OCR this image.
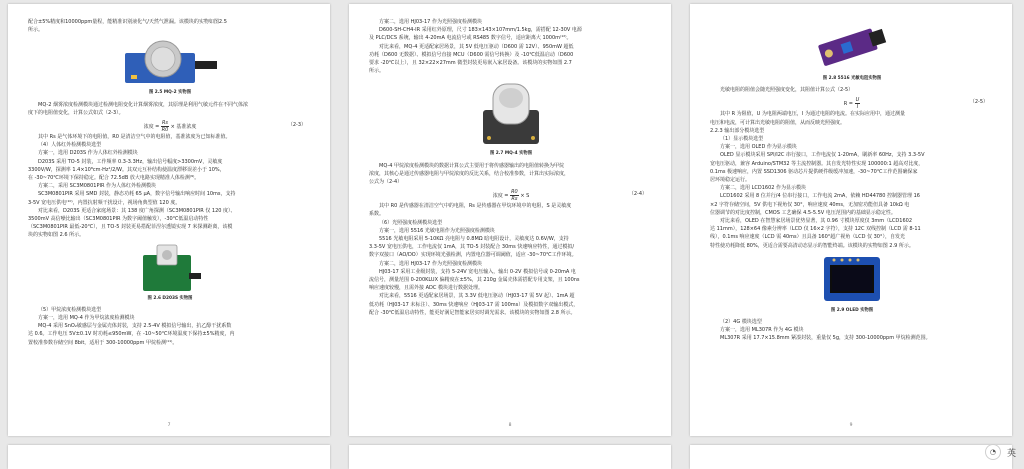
配合±5%精度和10000ppm量程，能精准识别液化气/天然气泄漏。该模块的实物如图2.5

所示。

图 2.5 MQ-2 实物图

MQ-2 烟雾浓度检测模块通过检测电阻变化计算烟雾浓度，其原理是利用气敏元件在不同气体浓

度下的电阻值变化，计算公式如式（2-3）。

浓度 = $\frac{Rs}{R0}$ × 基准浓度	（2-3）

其中 Rs 是气体环境下的电阻值，R0 是清洁空气中的电阻值，基准浓度为已知标准值。

（4）人体红外检测模块选型

方案一，选用 D203S 作为人体红外检测模块

D203S 采用 TO-5 封装，工作频率 0.3-3.3Hz，输出信号幅度>3300mV，灵敏度

3300V/W，探测率 1.4×10⁸cm·Hz¹/2/W。其双元互补结构使温度漂移误差小于 10%，

在 -30~70℃环境下保持稳定。配合 72.5dB 放大电路实现精准人体检测⁽⁹⁾。

方案二，采用 SC3M0801PIR 作为人体红外检测模块

SC3M0801PIR 采用 SMD 封装，静态功耗 65 μA，数字信号输出响应时间 10ms，支持

3-5V 宽电压供电⁽¹⁰⁾，内置抗射频干扰设计，视场角典型值 120 度。

对比来看，D203S 更适合家庭场景：其 138 度广角探测（SC3M0801PIR 仅 120 度）、

3500mV 高信噪比输出（SC3M0801PIR 为数字阈值触发），-30℃低温启动特性

（SC3M0801PIR 最低-20℃），且 TO-5 封装更易搭配菲涅尔透镜实现 7 米探测距离，该模

块的实物如图 2.6 所示。

图 2.6 D203S 实物图

（5）甲烷浓度检测模块选型

方案一，选用 MQ-4 作为甲烷浓度检测模块

MQ-4 采用 SnO₂敏感层与金属壳体封装，支持 2.5-4V 模拟信号输出，抗乙醇干扰系数

达 0.6。工作电压 5V±0.1V 时功耗≤950mW，在 -10~50℃环境温度下保持±5%精度，内

置校准参数存储空间 8bit，适用于 300-10000ppm 甲烷检测⁽¹¹⁾。

7

方案二，选用 HJ03-17 作为光照强度检测模块

D600-SH-CH4-IR 采用红外原理，尺寸 183×143×107mm/1.5kg，需搭配 12-30V 电源

及 PLC/DCS 系统，输出 4-20mA 电流信号或 RS485 数字信号，适应距离大 1000m⁽¹²⁾。

对比来看，MQ-4 更适配家居场景，其 5V 低电压驱动（D600 需 12V）、950mW 超低

功耗（D600 无数据）、模拟信号直接 MCU（D600 需信号转换）及 -10℃低温启动（D600

要求 -20℃以上），且 32×22×27mm 微型封装更易嵌入家居设备。该模块的实物如图 2.7

所示。

图 2.7 MQ-4 实物图

MQ-4 甲烷浓度检测模块的数据计算公式主要用于将传感器输出的电阻值转换为甲烷

浓度，其核心是通过传感器电阻与甲烷浓度的反比关系，结合校准参数，计算出实际浓度，

公式为（2-4）

浓度 = $\frac{R0}{Rs} \times S$	（2-4）

其中 R0 是传感器在清洁空气中的电阻，Rs 是传感器在甲烷环境中的电阻，S 是灵敏度

系数。

（6）光照强度检测模块选型

方案一，选用 5516 光敏电阻作为光照强度检测模块

5516 光敏电阻采用 5-10KΩ 亮电阻与 0.8MΩ 暗电阻设计，灵敏度达 0.6V/W，支持

3.3-5V 宽电压供电，工作电流仅 1mA，其 TO-5 封装配合 30ms 快速响应特性，通过模拟/

数字双接口（AO/DO）实现环境光强检测，内置电位器可调阈值，适应 -30~70℃工作环境。

方案二，选用 HJ03-17 作为光照强度检测模块

HJ03-17 采用工业级封装，支持 5-24V 宽电压输入，输出 0-2V 模拟信号或 0-20mA 电

流信号，测量范围 0-200KLUX 偏精度在±5%，其 210g 金属壳体需搭配专用支架，且 100ns

响应速度较慢，且需外接 ADC 模块进行数据处理。

对比来看，5516 更适配家居场景，其 3.3V 低电压驱动（HJ03-17 需 5V 起）、1mA 超

低功耗（HJ03-17 未标注）、30ms 快速响应（HJ03-17 需 100ms）及模拟数字双输出模式，

配合 -30℃低温启动特性，能更好满足智能家居实时调光需求。该模块的实物如图 2.8 所示。

8
图 2.8 5516 光敏电阻实物图

光敏电阻的阻值会随光照强度变化，其阻值计算公式（2-5）

$R = \frac{U}{I}$	（2-5）

其中 R 为阻值，U 为电阻两端电压，I 为通过电阻的电流。在实际应用中，通过测量

电压和电流，可计算出光敏电阻的阻值，从而反映光照强度。

2.2.3 输出部分模块选型

（1）显示模块选型

方案一，选用 OLED 作为显示模块

OLED 显示模块采用 SPI/I2C 串行接口，工作电流仅 1-20mA，刷新率 60Hz，支持 3.3-5V

宽电压驱动，兼容 Arduino/STM32 等主流控制器。其自发光特性实现 100000:1 超高对比度，

0.1ms 极速响应，内置 SSD1306 驱动芯片提供硬件级缓冲加速，-30~70℃工作范围确保家

居环境稳定运行。

方案二，选用 LCD1602 作为显示模块

LCD1602 采用 8 位并行/4 位串行接口，工作电流 2mA，依赖 HD44780 控制器管理 16

×2 字符存储空间，5V 供电下视角仅 30°，响应速度 40ms，无加密功能但具备 10kΩ 电

位器调节的对比度控制，CMOS 工艺确保 4.5-5.5V 电压范围内的基础显示稳定性。

对比来看，OLED 在智慧家居场景优势显著，其 0.96 寸模块厚度仅 3mm（LCD1602

达 11mm），128×64 像素分辨率（LCD 仅 16×2 字符），支持 12C 双线控制（LCD 需 8-11

线），0.1ms 响应速度（LCD 需 40ms）且具备 160°超广视角（LCD 仅 30°），自发光

特性使功耗降低 80%，更适合需要高清动态显示的智能终端。该模块的实物如图 2.9 所示。

图 2.9 OLED 实物图

（2）4G 模块选型

方案一，选用 ML307R 作为 4G 模块

ML307R 采用 17.7×15.8mm 紧凑封装，重量仅 5g，支持 300-10000ppm 甲烷检测范围。

9
◔	英
